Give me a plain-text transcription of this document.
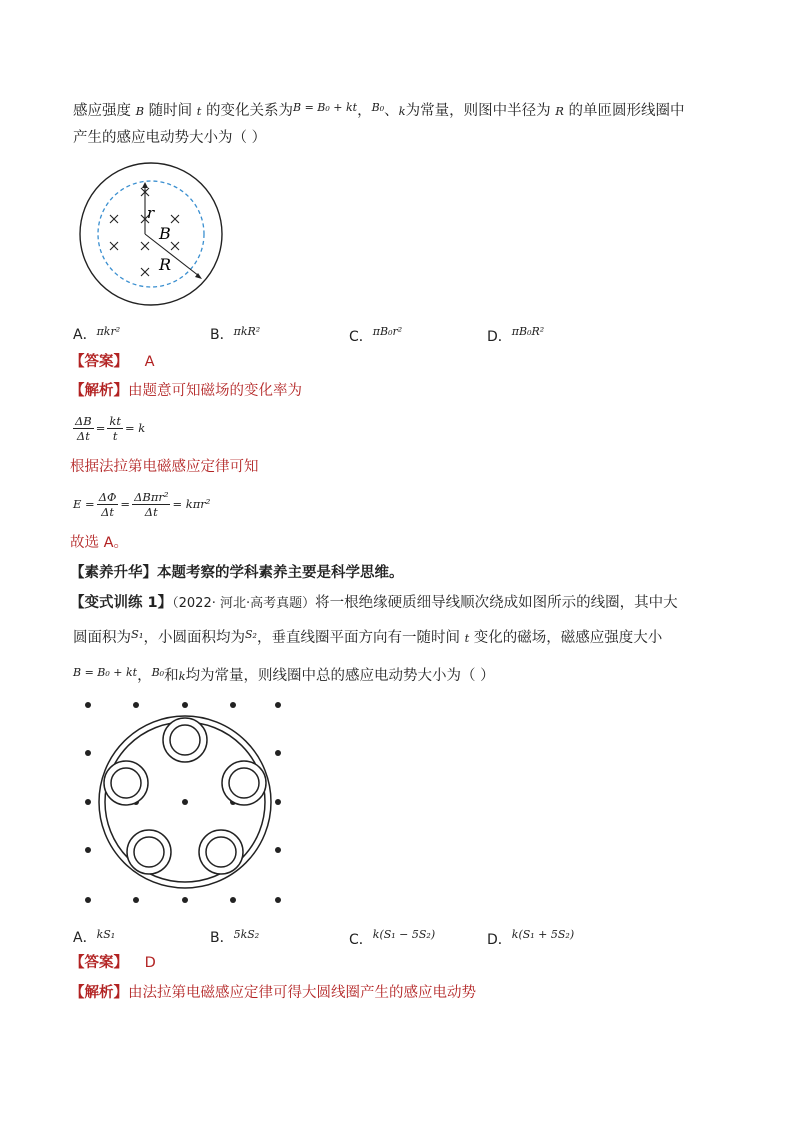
感应强度 B 随时间 t 的变化关系为$^{B = B_0 + kt}$，$^{B_0}$、k为常量，则图中半径为 R 的单匝圆形线圈中
产生的感应电动势大小为（ ）
r
B
R
A．$^{\pi kr^2}$	B．$^{\pi kR^2}$	C．$^{\pi B_0r^2}$	D．$^{\pi B_0R^2}$
【答案】 A
【解析】由题意可知磁场的变化率为
$\frac{\Delta B}{\Delta t} = \frac{kt}{t} = k$
根据法拉第电磁感应定律可知
$E = \frac{\Delta\Phi}{\Delta t} = \frac{\text{ΔBπr²}}{\Delta t} = k\pi r^2$
故选 A。
【素养升华】本题考察的学科素养主要是科学思维。
【变式训练 1】（2022· 河北·高考真题）将一根绝缘硬质细导线顺次绕成如图所示的线圈，其中大
圆面积为$^{S_1}$，小圆面积均为$^{S_2}$，垂直线圈平面方向有一随时间 t 变化的磁场，磁感应强度大小
$^{B = B_0 + kt}$，$^{B_0}$和k均为常量，则线圈中总的感应电动势大小为（ ）
A．$^{kS_1}$	B．$^{5kS_2}$	C．$^{k(S_1 - 5S_2)}$	D．$^{k(S_1 + 5S_2)}$
【答案】 D
【解析】由法拉第电磁感应定律可得大圆线圈产生的感应电动势
